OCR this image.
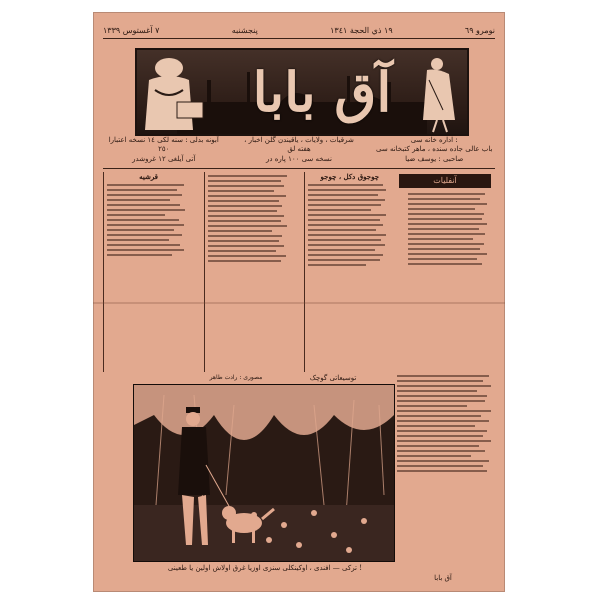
٧ آغستوس ١٣٣٩	پنجشنبه	١٩ ذي الحجة ١٣٤١	نومرو ٦٩
آق بابا
آبونه بدلی : سنه لکی ١٤ نسخه اعتبارا ٢٥٠
آتی آیلغی ١٢ غروشدر
شرقیات ، ولایات ، یاقیندن گلن اخبار ، هفته لق
نسخه سی ١٠٠ پاره در
اداره خانه سی :
باب عالی جاده سنده ، ماهر کتبخانه سی
صاحبی : یوسف ضیا
قرشیه	چوجوق دکل ، چوجو	آنفلیات
مصوری : رادت طاهر	توسیعاتی گوچک
ترکی — افندی ، اوکینکلی سنزی اوزیا غرق اولاش اولین یا طعینی !
آق بابا
